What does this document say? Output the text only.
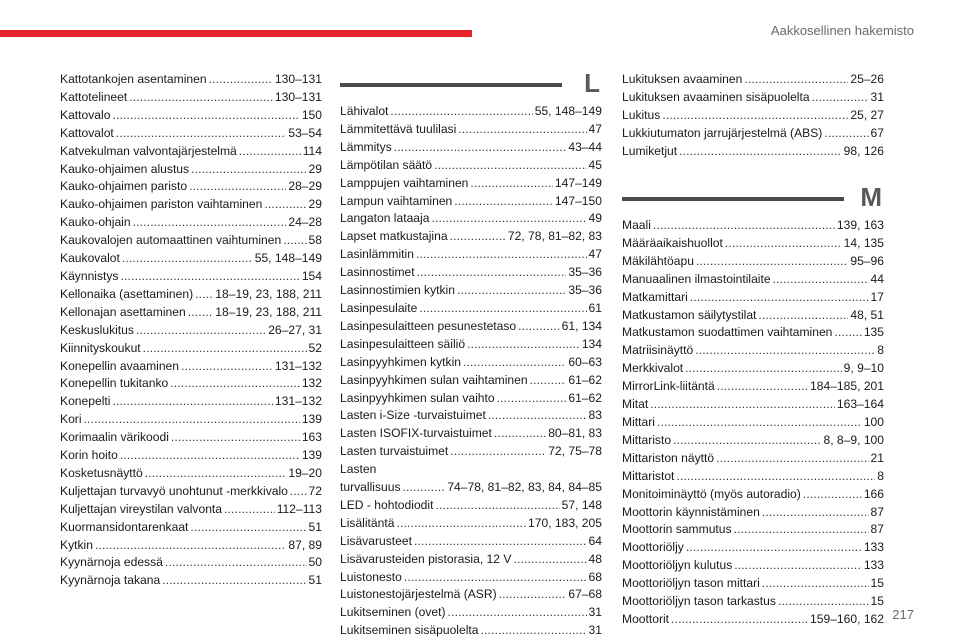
Aakkosellinen hakemisto
Kattotankojen asentaminen . . .	130–131
Kattotelineet . . .	130–131
Kattovalo . . .	150
Kattovalot . . .	53–54
Katvekulman valvontajärjestelmä . . .	114
Kauko-ohjaimen alustus . . .	29
Kauko-ohjaimen paristo . . .	28–29
Kauko-ohjaimen pariston vaihtaminen . . .	29
Kauko-ohjain . . .	24–28
Kaukovalojen automaattinen vaihtuminen . . . 58
Kaukovalot . . .	55, 148–149
Käynnistys . . .	154
Kellonaika (asettaminen) . . . 18–19, 23, 188, 211
Kellonajan asettaminen . . . 18–19, 23, 188, 211
Keskuslukitus . . .	26–27, 31
Kiinnityskoukut . . .	52
Konepellin avaaminen . . .	131–132
Konepellin tukitanko . . .	132
Konepelti . . .	131–132
Kori . . .	139
Korimaalin värikoodi . . .	163
Korin hoito . . .	139
Kosketusnäyttö . . .	19–20
Kuljettajan turvavyö unohtunut -merkkivalo . . . 72
Kuljettajan vireystilan valvonta . . .	112–113
Kuormansidontarenkaat . . .	51
Kytkin . . .	87, 89
Kyynärnoja edessä . . .	50
Kyynärnoja takana . . .	51
L
Lähivalot . . .	55, 148–149
Lämmitettävä tuulilasi . . .	47
Lämmitys . . .	43–44
Lämpötilan säätö . . .	45
Lamppujen vaihtaminen . . .	147–149
Lampun vaihtaminen . . .	147–150
Langaton lataaja . . .	49
Lapset matkustajina . . .	72, 78, 81–82, 83
Lasinlämmitin . . .	47
Lasinnostimet . . .	35–36
Lasinnostimien kytkin . . .	35–36
Lasinpesulaite . . .	61
Lasinpesulaitteen pesunestetaso . . .	61, 134
Lasinpesulaitteen säiliö . . .	134
Lasinpyyhkimen kytkin . . .	60–63
Lasinpyyhkimen sulan vaihtaminen . . .	61–62
Lasinpyyhkimen sulan vaihto . . .	61–62
Lasten i-Size -turvaistuimet . . .	83
Lasten ISOFIX-turvaistuimet . . .	80–81, 83
Lasten turvaistuimet . . .	72, 75–78
Lasten
turvallisuus . . .	74–78, 81–82, 83, 84, 84–85
LED - hohtodiodit . . .	57, 148
Lisälitäntä . . .	170, 183, 205
Lisävarusteet . . .	64
Lisävarusteiden pistorasia, 12 V . . .	48
Luistonesto . . .	68
Luistonestojärjestelmä (ASR) . . .	67–68
Lukitseminen (ovet) . . .	31
Lukitseminen sisäpuolelta . . .	31
Lukituksen avaaminen . . .	25–26
Lukituksen avaaminen sisäpuolelta . . .	31
Lukitus . . .	25, 27
Lukkiutumaton jarrujärjestelmä (ABS) . . .	67
Lumiketjut . . .	98, 126
M
Maali . . .	139, 163
Määräaikaishuollot . . .	14, 135
Mäkilähtöapu . . .	95–96
Manuaalinen ilmastointilaite . . .	44
Matkamittari . . .	17
Matkustamon säilytystilat . . .	48, 51
Matkustamon suodattimen vaihtaminen . . .	135
Matriisinäyttö . . .	8
Merkkivalot . . .	9, 9–10
MirrorLink-liitäntä . . .	184–185, 201
Mitat . . .	163–164
Mittari . . .	100
Mittaristo . . .	8, 8–9, 100
Mittariston näyttö . . .	21
Mittaristot . . .	8
Monitoiminäyttö (myös autoradio) . . .	166
Moottorin käynnistäminen . . .	87
Moottorin sammutus . . .	87
Moottoriöljy . . .	133
Moottoriöljyn kulutus . . .	133
Moottoriöljyn tason mittari . . .	15
Moottoriöljyn tason tarkastus . . .	15
Moottorit . . .	159–160, 162 217
